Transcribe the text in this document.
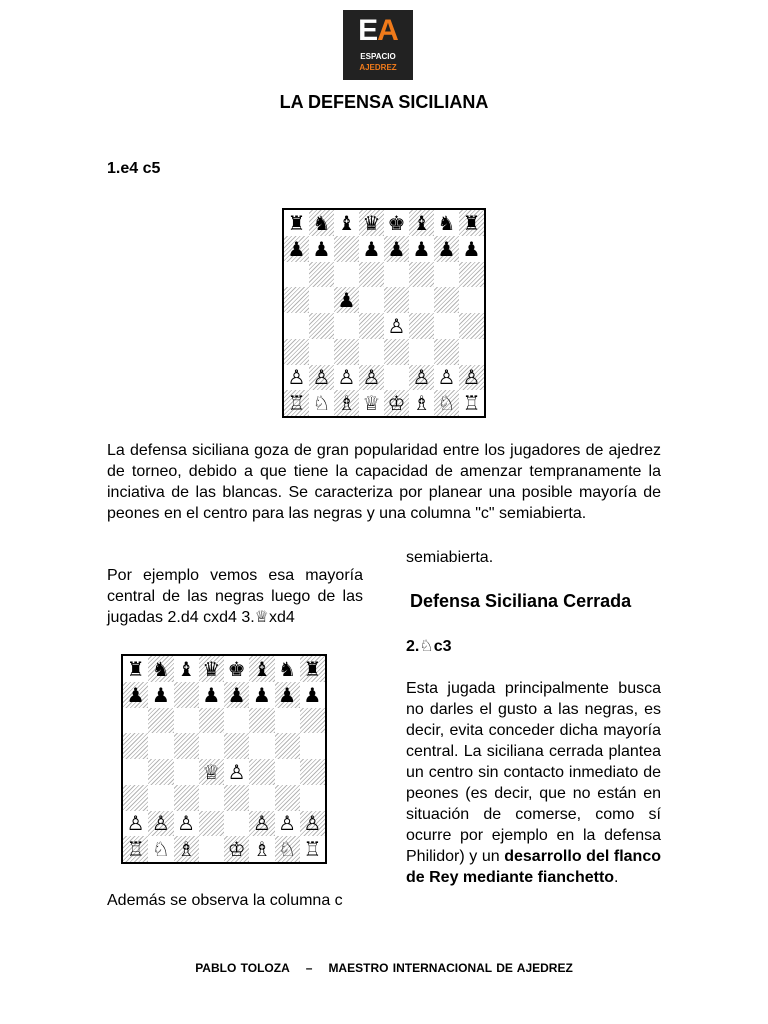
EA
ESPACIO
AJEDREZ
LA DEFENSA SICILIANA
1.e4 c5
♜ ♞ ♝ ♛ ♚ ♝ ♞ ♜
♟ ♟ ♟ ♟ ♟ ♟ ♟
♟
♙
♙ ♙ ♙ ♙ ♙ ♙ ♙
♖ ♘ ♗ ♕ ♔ ♗ ♘ ♖
La defensa siciliana goza de gran popularidad entre los jugadores de ajedrez de torneo, debido a que tiene la capacidad de amenzar tempranamente la inciativa de las blancas. Se caracteriza por planear una posible mayoría de peones en el centro para las negras y una columna "c" semiabierta.
Por ejemplo vemos esa mayoría central de las negras luego de las jugadas 2.d4 cxd4 3.♕xd4
♜ ♞ ♝ ♛ ♚ ♝ ♞ ♜
♟ ♟ ♟ ♟ ♟ ♟ ♟
♕ ♙
♙ ♙ ♙	♙ ♙ ♙
♖ ♘ ♗ ♔ ♗ ♘ ♖
Además se observa la columna c
semiabierta.
Defensa Siciliana Cerrada
2.♘c3
Esta jugada principalmente busca no darles el gusto a las negras, es decir, evita conceder dicha mayoría central. La siciliana cerrada plantea un centro sin contacto inmediato de peones (es decir, que no están en situación de comerse, como sí ocurre por ejemplo en la defensa Philidor) y un desarrollo del flanco de Rey mediante fianchetto.
PABLO TOLOZA – MAESTRO INTERNACIONAL DE AJEDREZ
